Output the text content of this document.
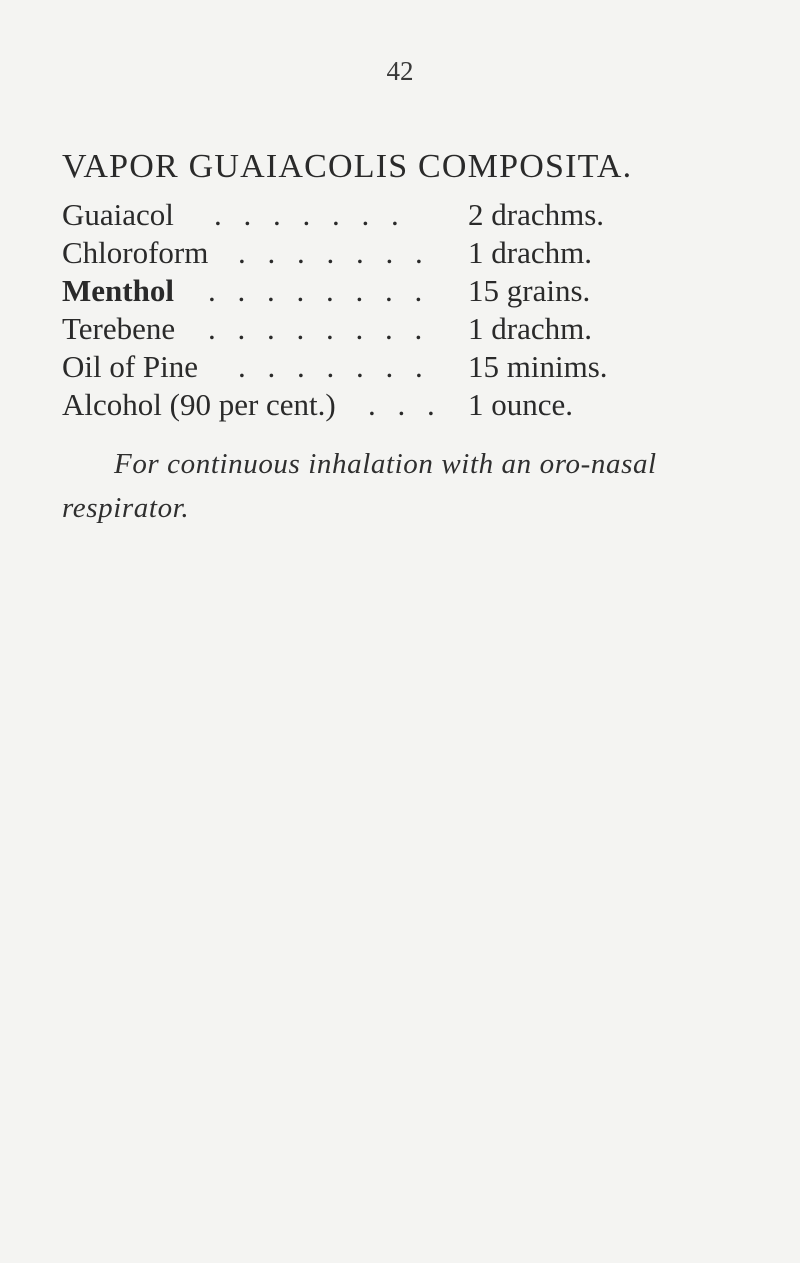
42
VAPOR GUAIACOLIS COMPOSITA.
Guaiacol . . . . . . . 2 drachms.
Chloroform . . . . . . . 1 drachm.
Menthol . . . . . . . . 15 grains.
Terebene . . . . . . . . 1 drachm.
Oil of Pine . . . . . . . 15 minims.
Alcohol (90 per cent.) . . . 1 ounce.
For continuous inhalation with an oro-nasal respirator.
